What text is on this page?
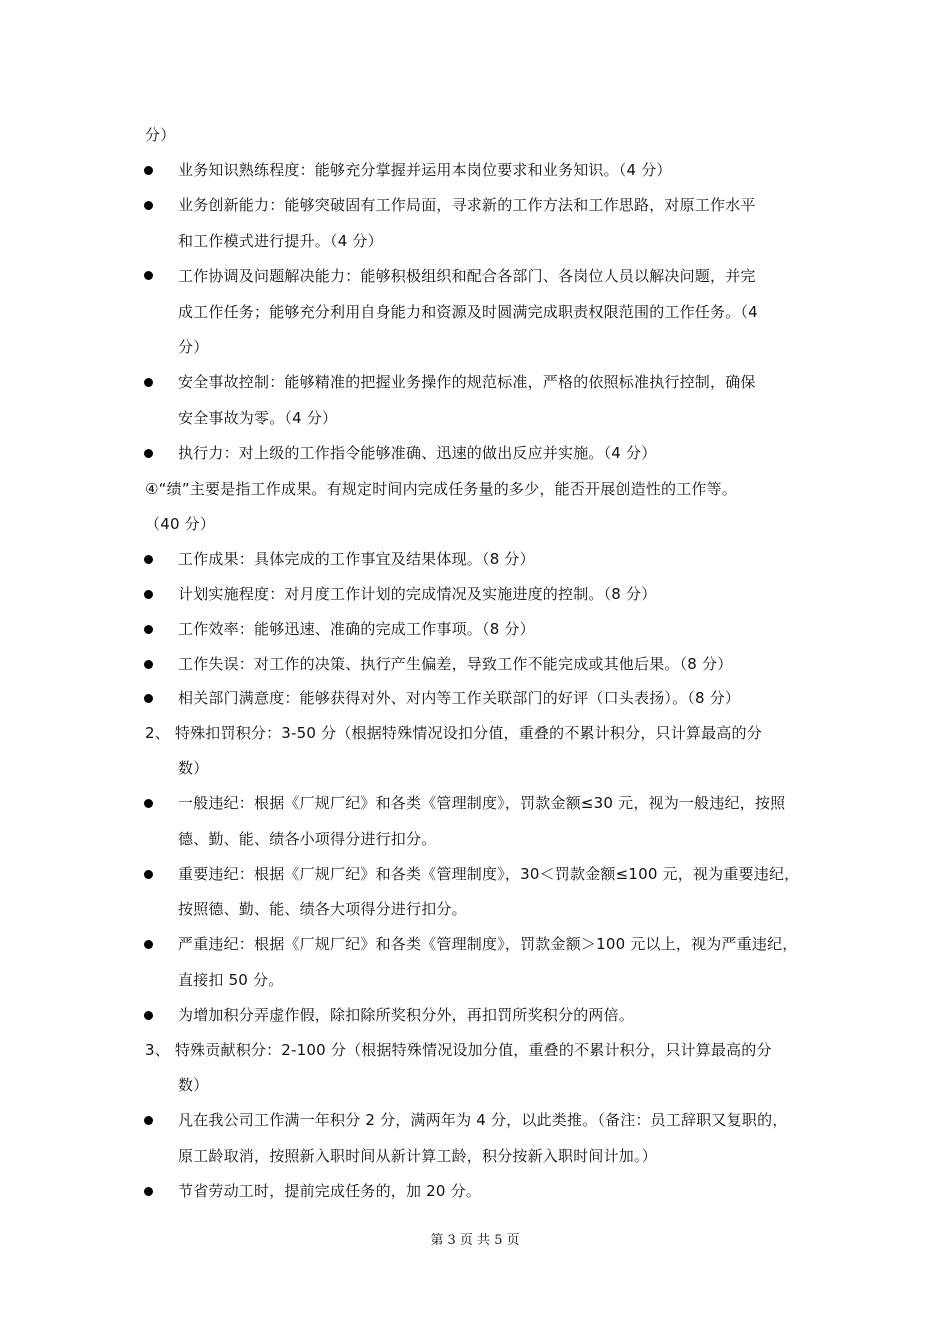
分）
业务知识熟练程度：能够充分掌握并运用本岗位要求和业务知识。（4 分）
业务创新能力：能够突破固有工作局面，寻求新的工作方法和工作思路，对原工作水平
和工作模式进行提升。（4 分）
工作协调及问题解决能力：能够积极组织和配合各部门、各岗位人员以解决问题，并完
成工作任务；能够充分利用自身能力和资源及时圆满完成职责权限范围的工作任务。（4
分）
安全事故控制：能够精准的把握业务操作的规范标准，严格的依照标准执行控制，确保
安全事故为零。（4 分）
执行力：对上级的工作指令能够准确、迅速的做出反应并实施。（4 分）
④“绩”主要是指工作成果。有规定时间内完成任务量的多少，能否开展创造性的工作等。
（40 分）
工作成果：具体完成的工作事宜及结果体现。（8 分）
计划实施程度：对月度工作计划的完成情况及实施进度的控制。（8 分）
工作效率：能够迅速、准确的完成工作事项。（8 分）
工作失误：对工作的决策、执行产生偏差，导致工作不能完成或其他后果。（8 分）
相关部门满意度：能够获得对外、对内等工作关联部门的好评（口头表扬）。（8 分）
2、 特殊扣罚积分：3-50 分（根据特殊情况设扣分值，重叠的不累计积分，只计算最高的分
数）
一般违纪：根据《厂规厂纪》和各类《管理制度》，罚款金额≤30 元，视为一般违纪，按照
德、勤、能、绩各小项得分进行扣分。
重要违纪：根据《厂规厂纪》和各类《管理制度》，30＜罚款金额≤100 元，视为重要违纪，
按照德、勤、能、绩各大项得分进行扣分。
严重违纪：根据《厂规厂纪》和各类《管理制度》，罚款金额＞100 元以上，视为严重违纪，
直接扣 50 分。
为增加积分弄虚作假，除扣除所奖积分外，再扣罚所奖积分的两倍。
3、 特殊贡献积分：2-100 分（根据特殊情况设加分值，重叠的不累计积分，只计算最高的分
数）
凡在我公司工作满一年积分 2 分，满两年为 4 分，以此类推。（备注：员工辞职又复职的，
原工龄取消，按照新入职时间从新计算工龄，积分按新入职时间计加。）
节省劳动工时，提前完成任务的，加 20 分。
第 3 页 共 5 页
